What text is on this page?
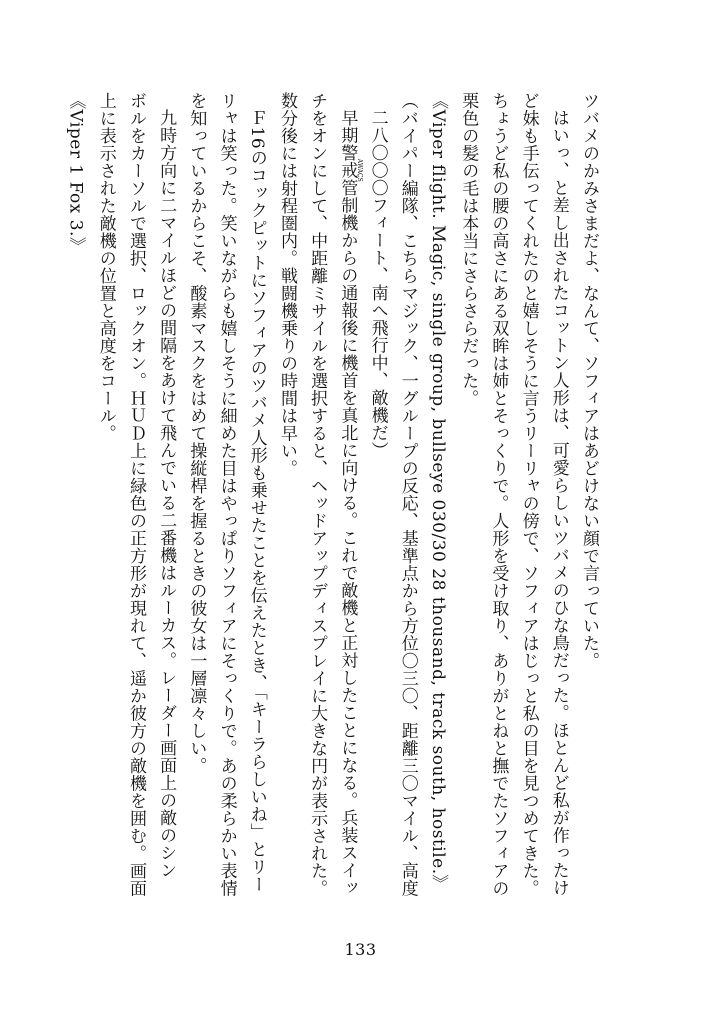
ツバメのかみさまだよ、なんて、ソフィアはあどけない顔で言っていた。
はいっ、と差し出されたコットン人形は、可愛らしいツバメのひな鳥だった。ほとんど私が作ったけ
ど妹も手伝ってくれたのと嬉しそうに言うリーリャの傍で、ソフィアはじっと私の目を見つめてきた。
ちょうど私の腰の高さにある双眸は姉とそっくりで。人形を受け取り、ありがとねと撫でたソフィアの
栗色の髪の毛は本当にさらさらだった。
《Viper flight. Magic, single group, bullseye 030/30 28 thousand, track south, hostile.》
（バイパー編隊、こちらマジック、一グループの反応、基準点から方位〇三〇、距離三〇マイル、高度
二八〇〇〇フィート、南へ飛行中、敵機だ）
早期警戒管制機AWACSからの通報後に機首を真北に向ける。これで敵機と正対したことになる。兵装スイッ
チをオンにして、中距離ミサイルを選択すると、ヘッドアップディスプレイに大きな円が表示された。
数分後には射程圏内。戦闘機乗りの時間は早い。
Ｆ16のコックピットにソフィアのツバメ人形も乗せたことを伝えたとき、「キーラらしいね」とリー
リャは笑った。笑いながらも嬉しそうに細めた目はやっぱりソフィアにそっくりで。あの柔らかい表情
を知っているからこそ、酸素マスクをはめて操縦桿を握るときの彼女は一層凛々しい。
九時方向に二マイルほどの間隔をあけて飛んでいる二番機はルーカス。レーダー画面上の敵のシン
ボルをカーソルで選択、ロックオン。ＨＵＤ上に緑色の正方形が現れて、遥か彼方の敵機を囲む。画面
上に表示された敵機の位置と高度をコール。
《Viper 1 Fox 3.》
133
